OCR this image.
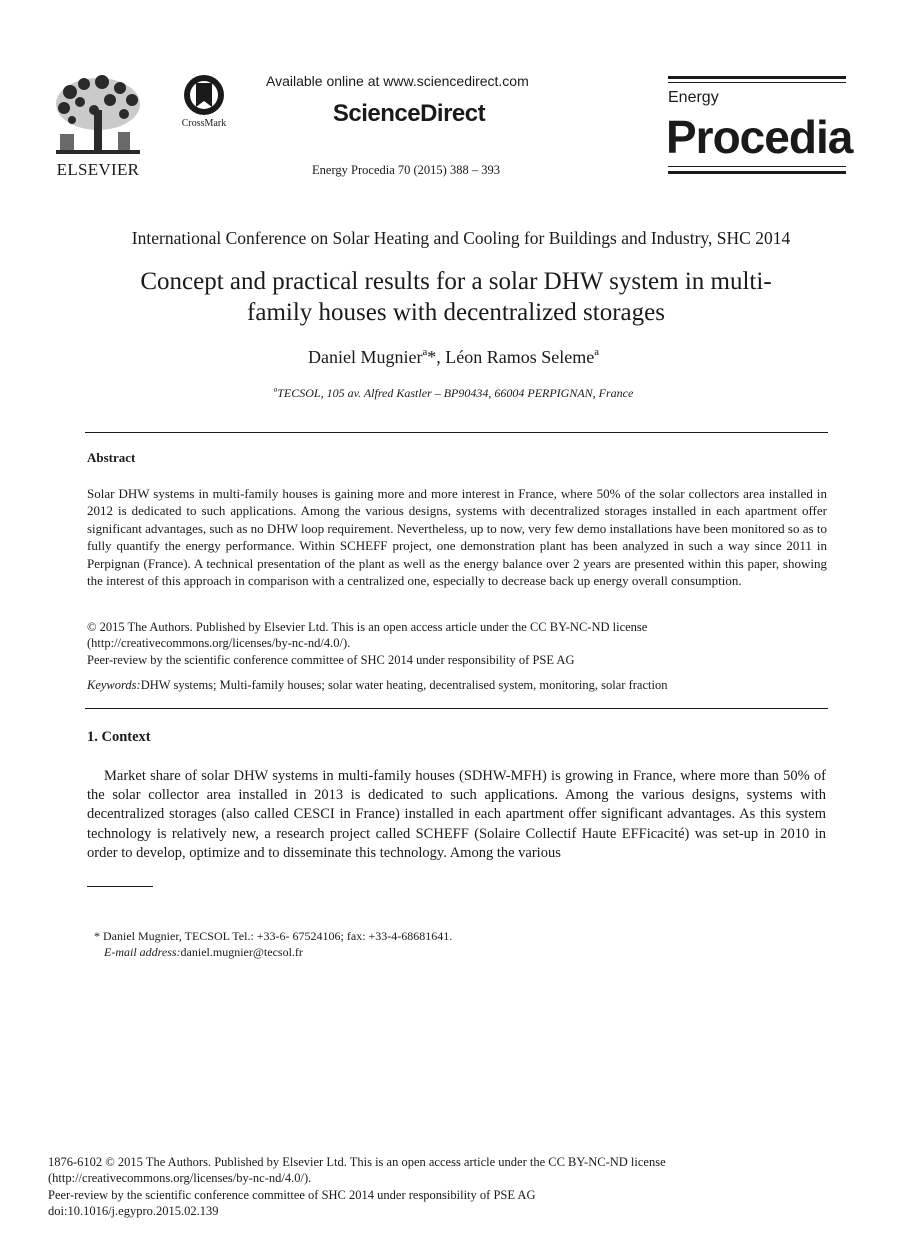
ELSEVIER
CrossMark
Available online at www.sciencedirect.com
ScienceDirect
Energy Procedia 70 (2015) 388 – 393
Energy
Procedia
International Conference on Solar Heating and Cooling for Buildings and Industry, SHC 2014
Concept and practical results for a solar DHW system in multi-
family houses with decentralized storages
Daniel Mugnier$^a$*, Léon Ramos Seleme$^a$
$^a$TECSOL, 105 av. Alfred Kastler – BP90434, 66004 PERPIGNAN, France
Abstract
Solar DHW systems in multi-family houses is gaining more and more interest in France, where 50% of the solar collectors area installed in 2012 is dedicated to such applications. Among the various designs, systems with decentralized storages installed in each apartment offer significant advantages, such as no DHW loop requirement. Nevertheless, up to now, very few demo installations have been monitored so as to fully quantify the energy performance. Within SCHEFF project, one demonstration plant has been analyzed in such a way since 2011 in Perpignan (France). A technical presentation of the plant as well as the energy balance over 2 years are presented within this paper, showing the interest of this approach in comparison with a centralized one, especially to decrease back up energy overall consumption.
© 2015 The Authors. Published by Elsevier Ltd. This is an open access article under the CC BY-NC-ND license
(http://creativecommons.org/licenses/by-nc-nd/4.0/).
Peer-review by the scientific conference committee of SHC 2014 under responsibility of PSE AG
Keywords:DHW systems; Multi-family houses; solar water heating, decentralised system, monitoring, solar fraction
1. Context
Market share of solar DHW systems in multi-family houses (SDHW-MFH) is growing in France, where more than 50% of the solar collector area installed in 2013 is dedicated to such applications. Among the various designs, systems with decentralized storages (also called CESCI in France) installed in each apartment offer significant advantages. As this system technology is relatively new, a research project called SCHEFF (Solaire Collectif Haute EFFicacité) was set-up in 2010 in order to develop, optimize and to disseminate this technology. Among the various
* Daniel Mugnier, TECSOL Tel.: +33-6- 67524106; fax: +33-4-68681641.
E-mail address:daniel.mugnier@tecsol.fr
1876-6102 © 2015 The Authors. Published by Elsevier Ltd. This is an open access article under the CC BY-NC-ND license
(http://creativecommons.org/licenses/by-nc-nd/4.0/).
Peer-review by the scientific conference committee of SHC 2014 under responsibility of PSE AG
doi:10.1016/j.egypro.2015.02.139
